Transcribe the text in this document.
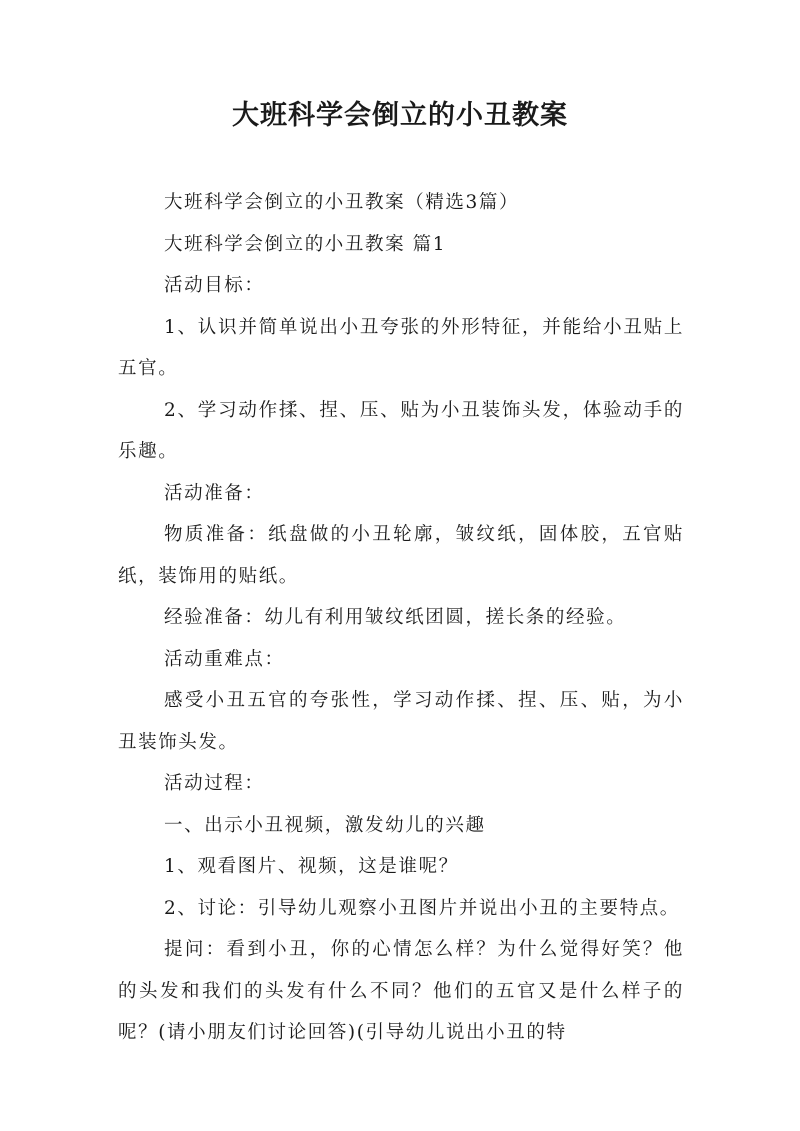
大班科学会倒立的小丑教案

大班科学会倒立的小丑教案（精选3篇）

大班科学会倒立的小丑教案 篇1

活动目标：

1、认识并简单说出小丑夸张的外形特征，并能给小丑贴上五官。

2、学习动作揉、捏、压、贴为小丑装饰头发，体验动手的乐趣。

活动准备：

物质准备：纸盘做的小丑轮廓，皱纹纸，固体胶，五官贴纸，装饰用的贴纸。

经验准备：幼儿有利用皱纹纸团圆，搓长条的经验。

活动重难点：

感受小丑五官的夸张性，学习动作揉、捏、压、贴，为小丑装饰头发。

活动过程：

一、出示小丑视频，激发幼儿的兴趣

1、观看图片、视频，这是谁呢？

2、讨论：引导幼儿观察小丑图片并说出小丑的主要特点。

提问：看到小丑，你的心情怎么样？为什么觉得好笑？他的头发和我们的头发有什么不同？他们的五官又是什么样子的呢？(请小朋友们讨论回答)(引导幼儿说出小丑的特
